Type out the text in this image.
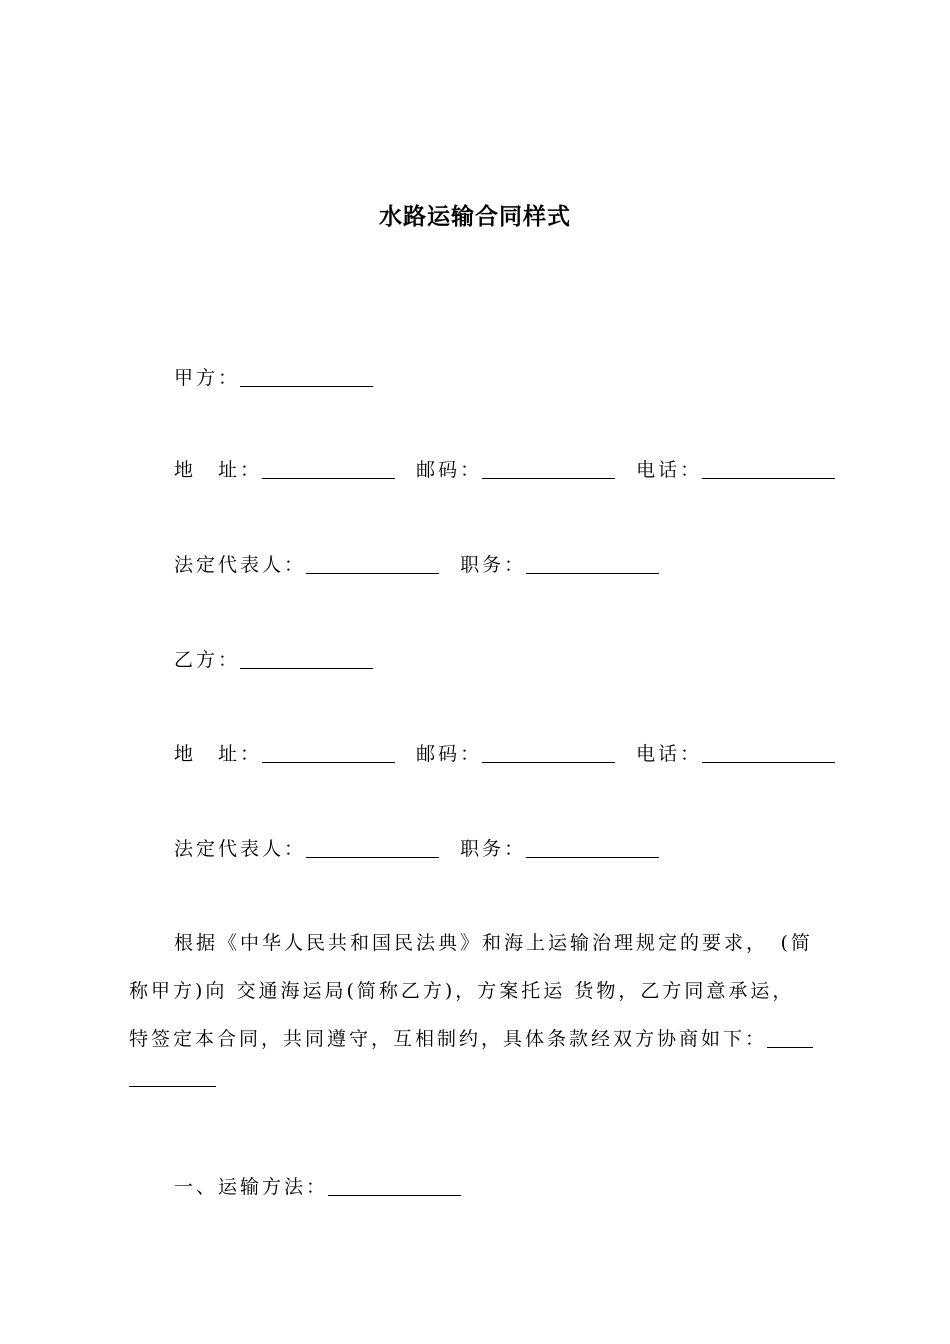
水路运输合同样式
甲方：
地　址：	邮码：	电话：
法定代表人：	职务：
乙方：
地　址：	邮码：	电话：
法定代表人：	职务：
根据《中华人民共和国民法典》和海上运输治理规定的要求，　(简
称甲方)向 交通海运局(简称乙方)，方案托运 货物，乙方同意承运，
特签定本合同，共同遵守，互相制约，具体条款经双方协商如下：
一、运输方法：
